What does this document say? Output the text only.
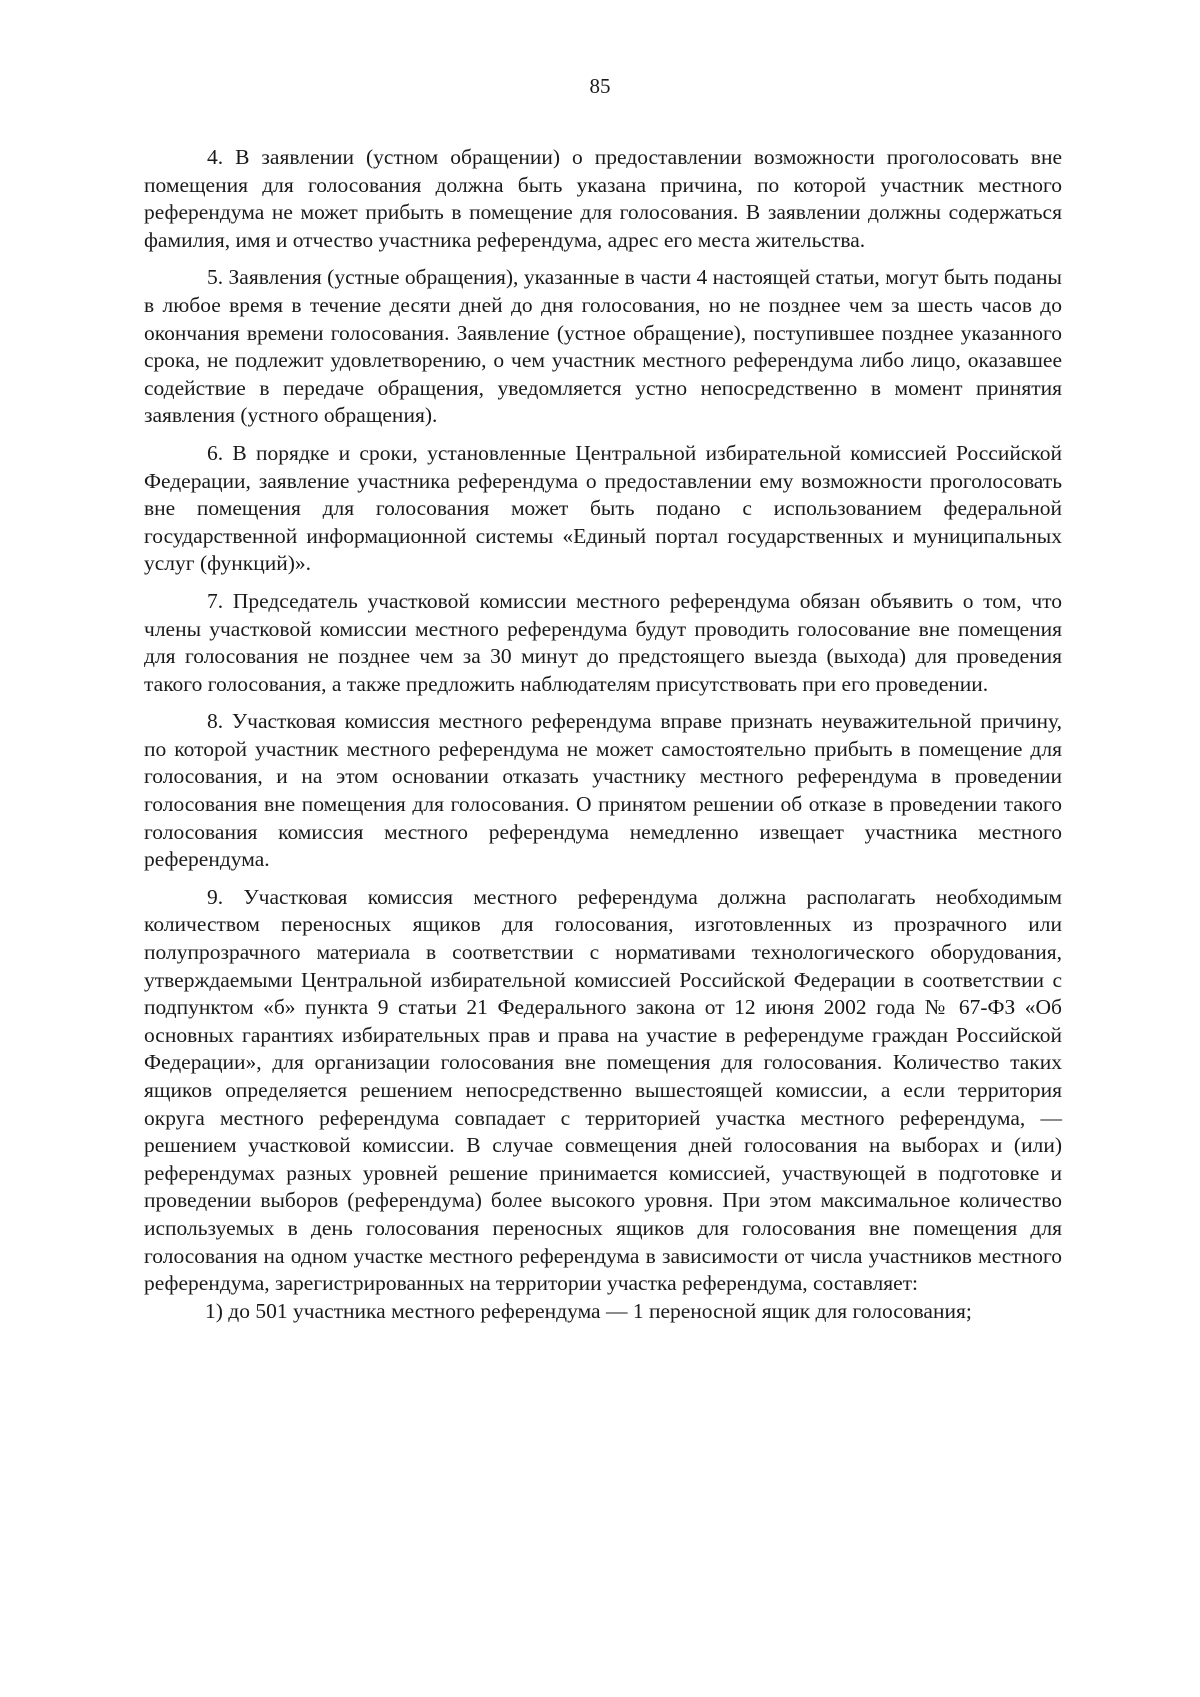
85

4. В заявлении (устном обращении) о предоставлении возможности проголосовать вне помещения для голосования должна быть указана причина, по которой участник местного референдума не может прибыть в помещение для голосования. В заявлении должны содержаться фамилия, имя и отчество участника референдума, адрес его места жительства.

5. Заявления (устные обращения), указанные в части 4 настоящей статьи, могут быть поданы в любое время в течение десяти дней до дня голосования, но не позднее чем за шесть часов до окончания времени голосования. Заявление (устное обращение), поступившее позднее указанного срока, не подлежит удовлетворению, о чем участник местного референдума либо лицо, оказавшее содействие в передаче обращения, уведомляется устно непосредственно в момент принятия заявления (устного обращения).

6. В порядке и сроки, установленные Центральной избирательной комиссией Российской Федерации, заявление участника референдума о предоставлении ему возможности проголосовать вне помещения для голосования может быть подано с использованием федеральной государственной информационной системы «Единый портал государственных и муниципальных услуг (функций)».

7. Председатель участковой комиссии местного референдума обязан объявить о том, что члены участковой комиссии местного референдума будут проводить голосование вне помещения для голосования не позднее чем за 30 минут до предстоящего выезда (выхода) для проведения такого голосования, а также предложить наблюдателям присутствовать при его проведении.

8. Участковая комиссия местного референдума вправе признать неуважительной причину, по которой участник местного референдума не может самостоятельно прибыть в помещение для голосования, и на этом основании отказать участнику местного референдума в проведении голосования вне помещения для голосования. О принятом решении об отказе в проведении такого голосования комиссия местного референдума немедленно извещает участника местного референдума.

9. Участковая комиссия местного референдума должна располагать необходимым количеством переносных ящиков для голосования, изготовленных из прозрачного или полупрозрачного материала в соответствии с нормативами технологического оборудования, утверждаемыми Центральной избирательной комиссией Российской Федерации в соответствии с подпунктом «б» пункта 9 статьи 21 Федерального закона от 12 июня 2002 года № 67-ФЗ «Об основных гарантиях избирательных прав и права на участие в референдуме граждан Российской Федерации», для организации голосования вне помещения для голосования. Количество таких ящиков определяется решением непосредственно вышестоящей комиссии, а если территория округа местного референдума совпадает с территорией участка местного референдума, — решением участковой комиссии. В случае совмещения дней голосования на выборах и (или) референдумах разных уровней решение принимается комиссией, участвующей в подготовке и проведении выборов (референдума) более высокого уровня. При этом максимальное количество используемых в день голосования переносных ящиков для голосования вне помещения для голосования на одном участке местного референдума в зависимости от числа участников местного референдума, зарегистрированных на территории участка референдума, составляет:

1) до 501 участника местного референдума — 1 переносной ящик для голосования;
